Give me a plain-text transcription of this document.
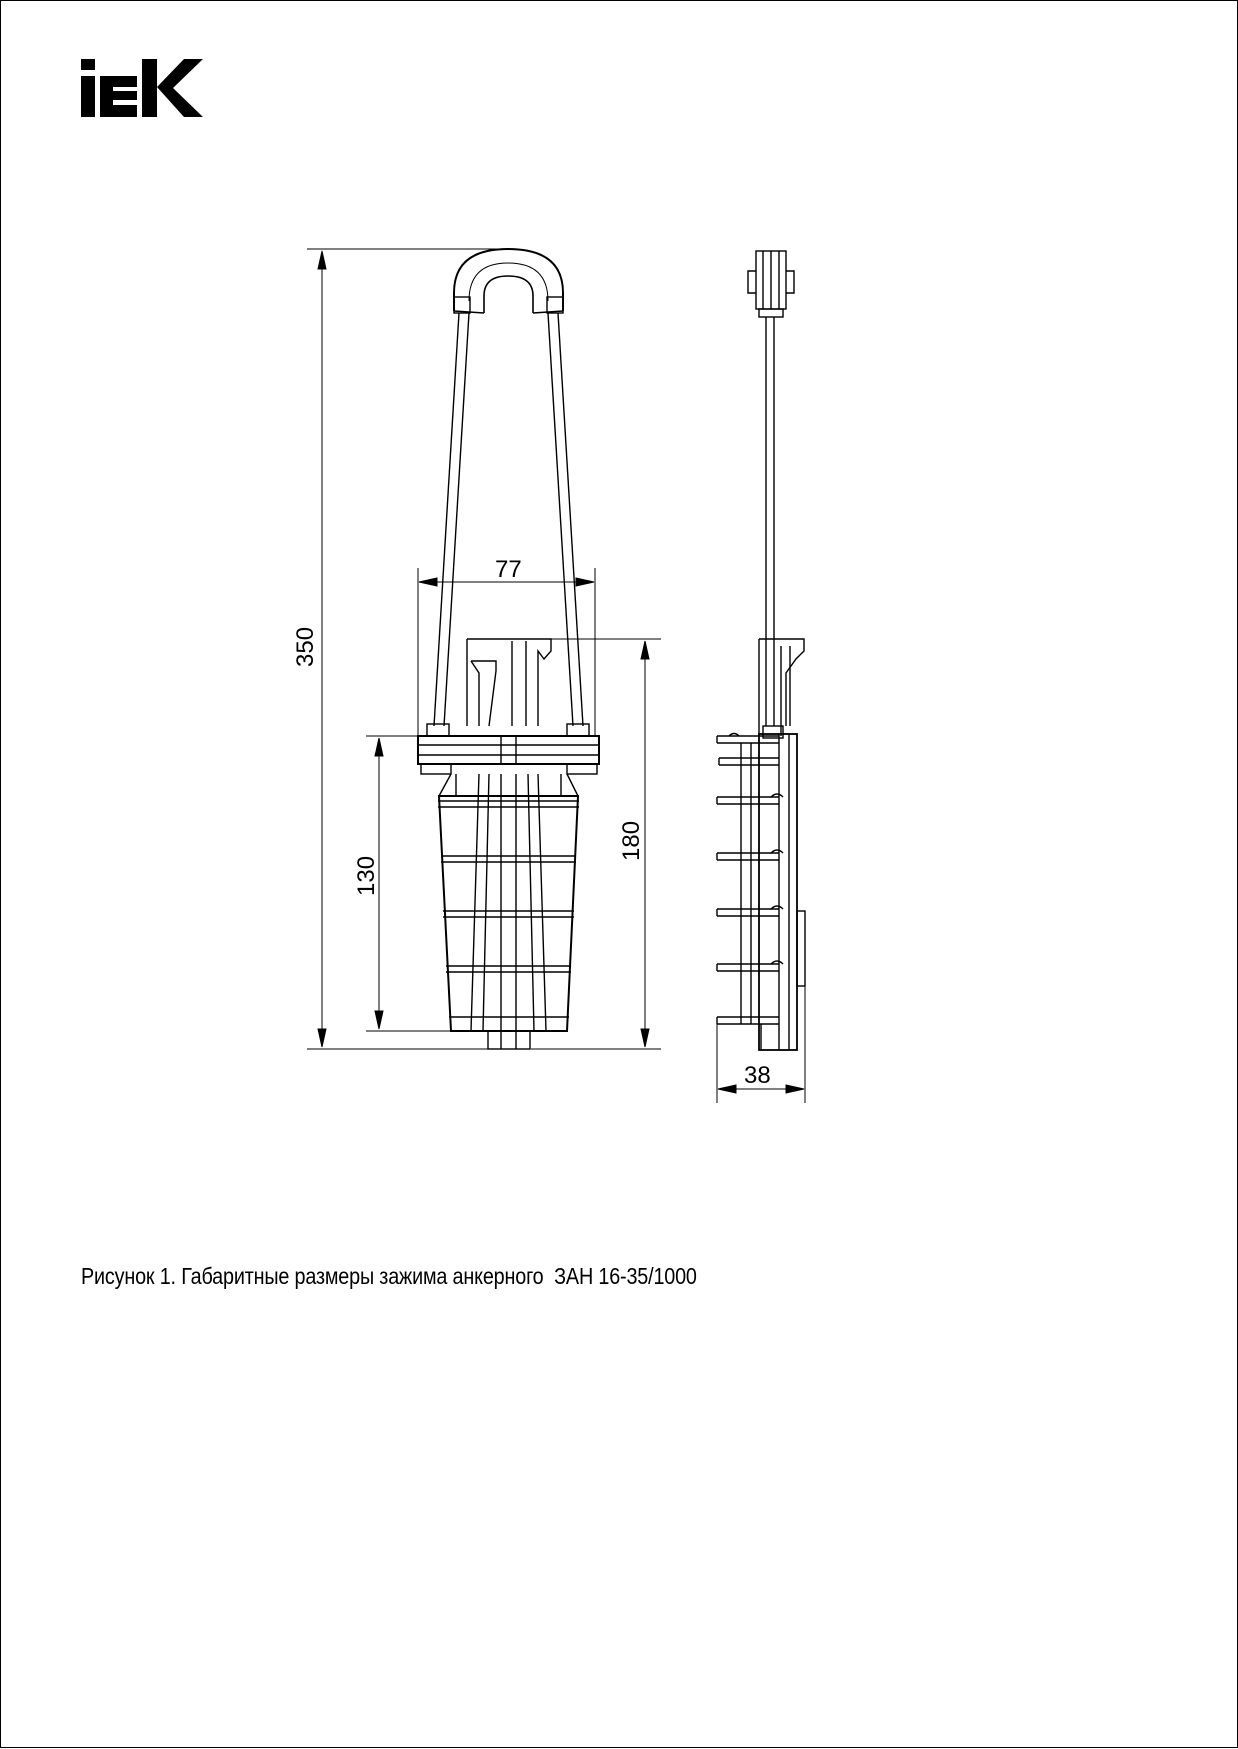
350
130
180
77
38
Рисунок 1. Габаритные размеры зажима анкерного  ЗАН 16-35/1000
